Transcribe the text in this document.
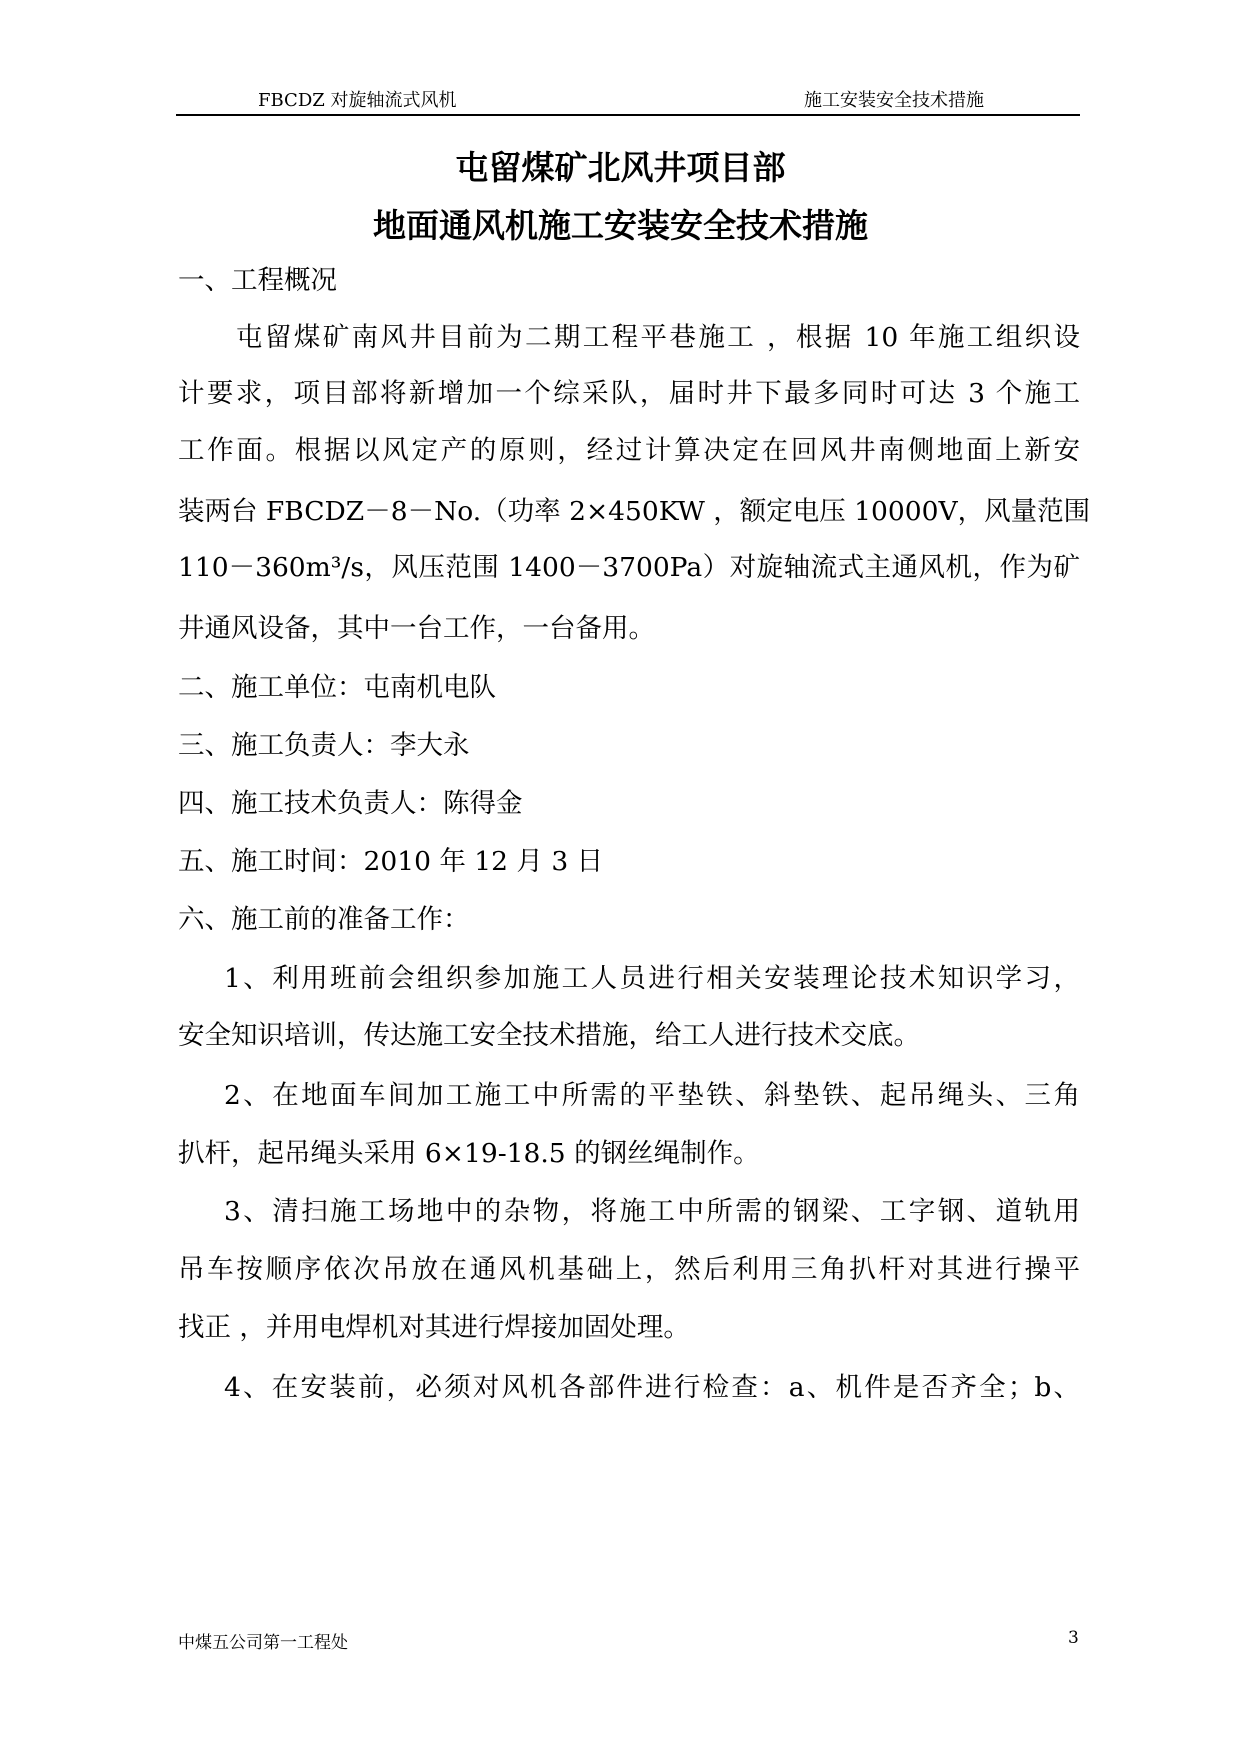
FBCDZ 对旋轴流式风机	施工安装安全技术措施
屯留煤矿北风井项目部
地面通风机施工安装安全技术措施
一、工程概况
屯留煤矿南风井目前为二期工程平巷施工 ，根据 10 年施工组织设
计要求，项目部将新增加一个综采队，届时井下最多同时可达 3 个施工
工作面。根据以风定产的原则，经过计算决定在回风井南侧地面上新安
装两台 FBCDZ－8－No.（功率 2×450KW ，额定电压 10000V，风量范围
110－360m³/s，风压范围 1400－3700Pa）对旋轴流式主通风机，作为矿
井通风设备，其中一台工作，一台备用。
二、施工单位：屯南机电队
三、施工负责人：李大永
四、施工技术负责人：陈得金
五、施工时间：2010 年 12 月 3 日
六、施工前的准备工作：
1、利用班前会组织参加施工人员进行相关安装理论技术知识学习，
安全知识培训，传达施工安全技术措施，给工人进行技术交底。
2、在地面车间加工施工中所需的平垫铁、斜垫铁、起吊绳头、三角
扒杆，起吊绳头采用 6×19-18.5 的钢丝绳制作。
3、清扫施工场地中的杂物，将施工中所需的钢梁、工字钢、道轨用
吊车按顺序依次吊放在通风机基础上，然后利用三角扒杆对其进行操平
找正 ，并用电焊机对其进行焊接加固处理。
4、在安装前，必须对风机各部件进行检查：a、机件是否齐全；b、
中煤五公司第一工程处	3
